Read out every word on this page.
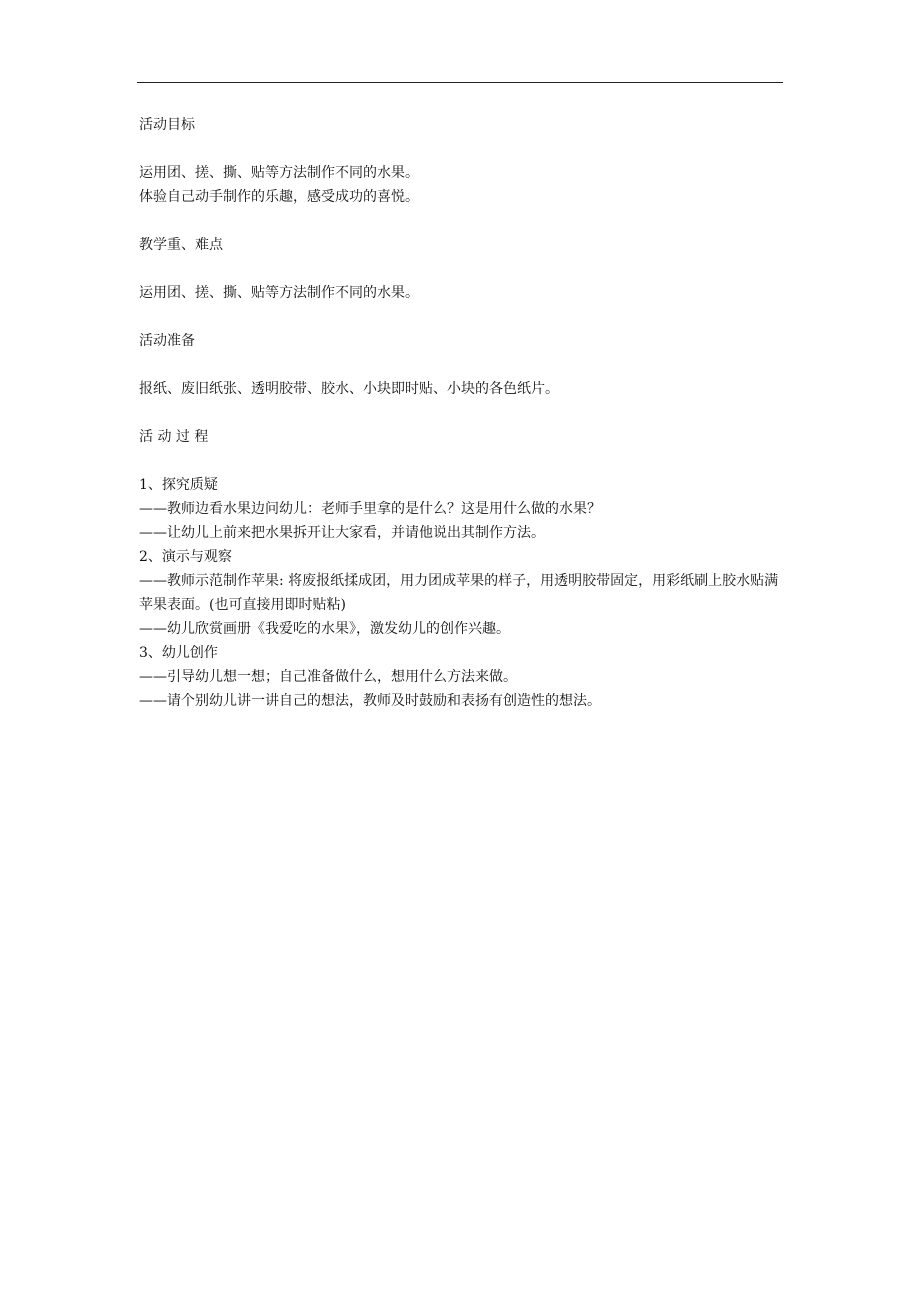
活动目标

运用团、搓、撕、贴等方法制作不同的水果。

体验自己动手制作的乐趣，感受成功的喜悦。

教学重、难点

运用团、搓、撕、贴等方法制作不同的水果。

活动准备

报纸、废旧纸张、透明胶带、胶水、小块即时贴、小块的各色纸片。

活 动 过 程

1、探究质疑

——教师边看水果边问幼儿：老师手里拿的是什么？这是用什么做的水果？

——让幼儿上前来把水果拆开让大家看，并请他说出其制作方法。

2、演示与观察

——教师示范制作苹果: 将废报纸揉成团，用力团成苹果的样子，用透明胶带固定，用彩纸刷上胶水贴满苹果表面。(也可直接用即时贴粘)

——幼儿欣赏画册《我爱吃的水果》，激发幼儿的创作兴趣。

3、幼儿创作

——引导幼儿想一想；自己准备做什么，想用什么方法来做。

——请个别幼儿讲一讲自己的想法，教师及时鼓励和表扬有创造性的想法。
